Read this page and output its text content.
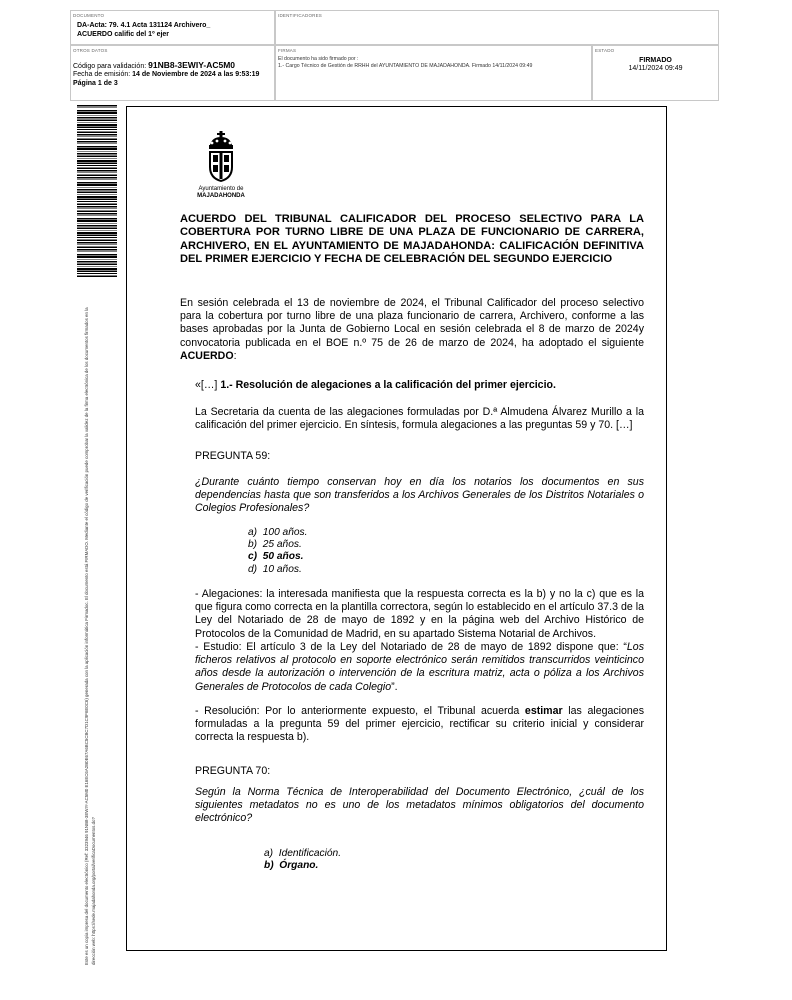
DOCUMENTO
DA-Acta: 79. 4.1 Acta 131124 Archivero_ ACUERDO calific del 1º ejer
IDENTIFICADORES
OTROS DATOS
Código para validación: 91NB8-3EWIY-AC5M0
Fecha de emisión: 14 de Noviembre de 2024 a las 9:53:19
Página 1 de 3
FIRMAS
El documento ha sido firmado por :
1.- Cargo Técnico de Gestión de RRHH del AYUNTAMIENTO DE MAJADAHONDA. Firmado 14/11/2024 09:49
ESTADO
FIRMADO
14/11/2024 09:49
Este es un copia impresa del documento electrónico (Ref: 3323946 91NB8-3EWIY-AC5M0 E16EC6A2B0E67A6BC5CBC7D1C9F6E0C6) generada con la aplicación informática Firmadoc. El documento está FIRMADO. Mediante el código de verificación puede comprobar la validez de la firma electrónica de los documentos firmados en la dirección web: https://sede.majadahonda.org/portal/verificaDocumentos.do?
Ayuntamiento de
MAJADAHONDA
ACUERDO DEL TRIBUNAL CALIFICADOR DEL PROCESO SELECTIVO PARA LA COBERTURA POR TURNO LIBRE DE UNA PLAZA DE FUNCIONARIO DE CARRERA, ARCHIVERO, EN EL AYUNTAMIENTO DE MAJADAHONDA: CALIFICACIÓN DEFINITIVA DEL PRIMER EJERCICIO Y FECHA DE CELEBRACIÓN DEL SEGUNDO EJERCICIO
En sesión celebrada el 13 de noviembre de 2024, el Tribunal Calificador del proceso selectivo para la cobertura por turno libre de una plaza funcionario de carrera, Archivero, conforme a las bases aprobadas por la Junta de Gobierno Local en sesión celebrada el 8 de marzo de 2024y convocatoria publicada en el BOE n.º 75 de 26 de marzo de 2024, ha adoptado el siguiente ACUERDO:
«[…] 1.- Resolución de alegaciones a la calificación del primer ejercicio.
La Secretaria da cuenta de las alegaciones formuladas por D.ª Almudena Álvarez Murillo a la calificación del primer ejercicio. En síntesis, formula alegaciones a las preguntas 59 y 70. […]
PREGUNTA 59:
¿Durante cuánto tiempo conservan hoy en día los notarios los documentos en sus dependencias hasta que son transferidos a los Archivos Generales de los Distritos Notariales o Colegios Profesionales?
a) 100 años.
b) 25 años.
c) 50 años.
d) 10 años.
- Alegaciones: la interesada manifiesta que la respuesta correcta es la b) y no la c) que es la que figura como correcta en la plantilla correctora, según lo establecido en el artículo 37.3 de la Ley del Notariado de 28 de mayo de 1892 y en la página web del Archivo Histórico de Protocolos de la Comunidad de Madrid, en su apartado Sistema Notarial de Archivos.
- Estudio: El artículo 3 de la Ley del Notariado de 28 de mayo de 1892 dispone que: “Los ficheros relativos al protocolo en soporte electrónico serán remitidos transcurridos veinticinco años desde la autorización o intervención de la escritura matriz, acta o póliza a los Archivos Generales de Protocolos de cada Colegio”.
- Resolución: Por lo anteriormente expuesto, el Tribunal acuerda estimar las alegaciones formuladas a la pregunta 59 del primer ejercicio, rectificar su criterio inicial y considerar correcta la respuesta b).
PREGUNTA 70:
Según la Norma Técnica de Interoperabilidad del Documento Electrónico, ¿cuál de los siguientes metadatos no es uno de los metadatos mínimos obligatorios del documento electrónico?
a) Identificación.
b) Órgano.
